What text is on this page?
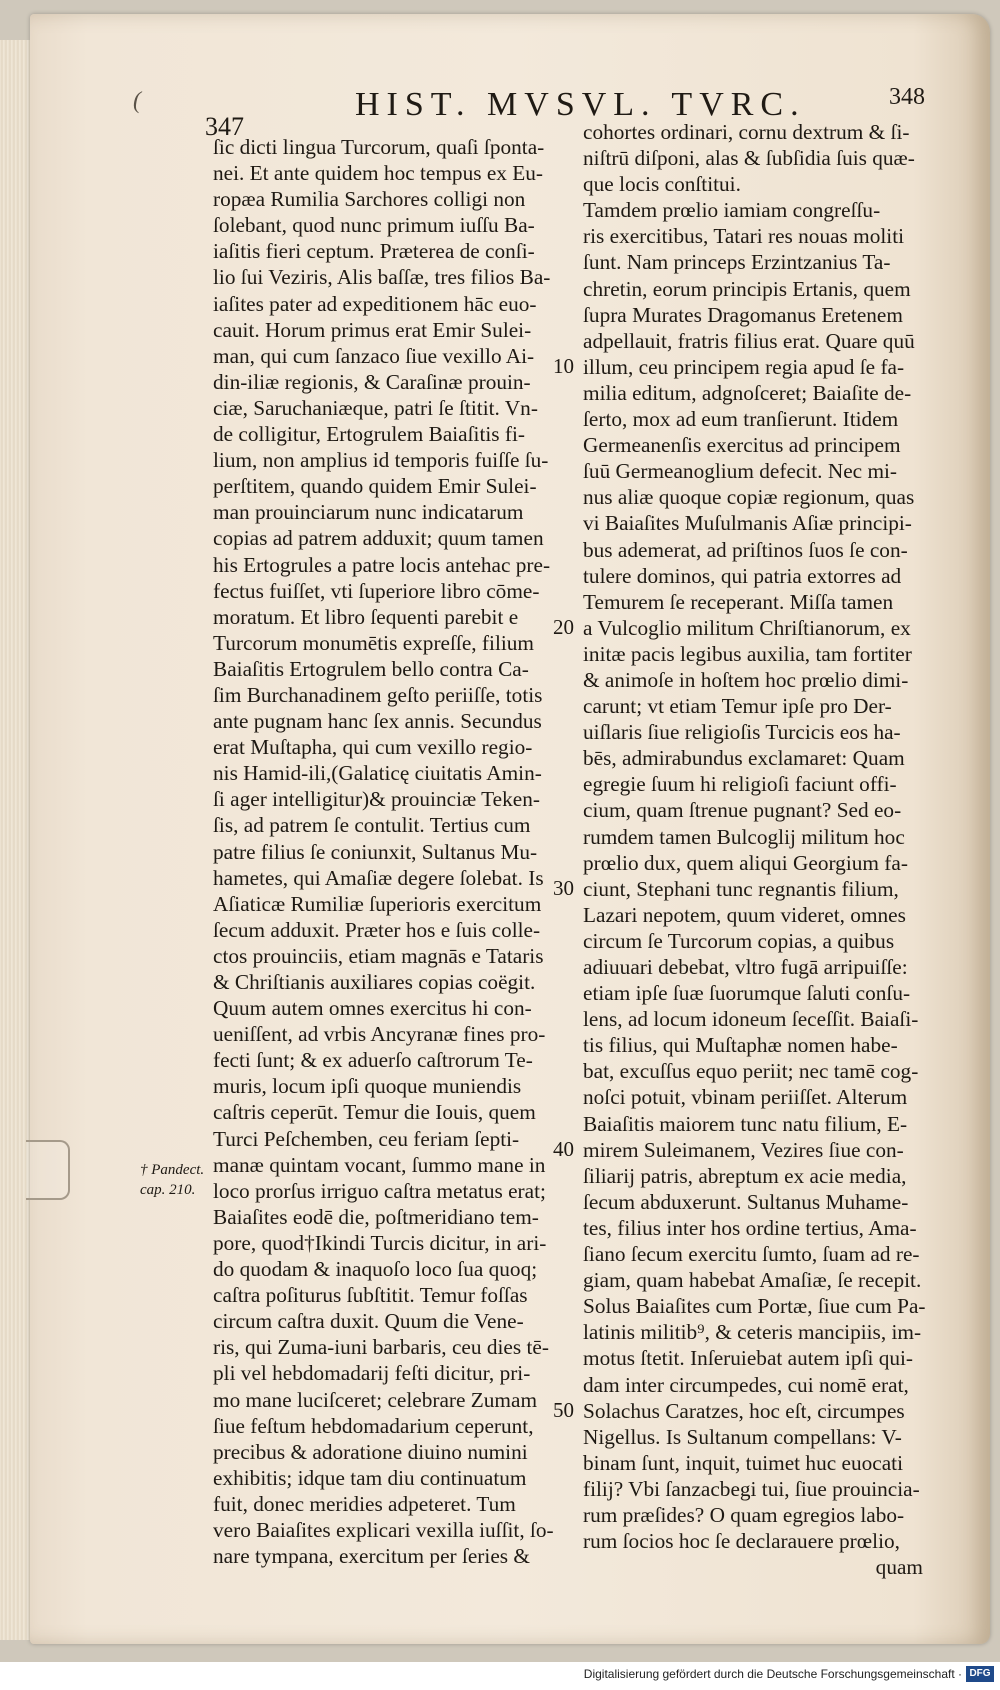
(
347
HIST. MVSVL. TVRC.	348
ſic dicti lingua Turcorum, quaſi ſponta-
nei. Et ante quidem hoc tempus ex Eu-
ropæa Rumilia Sarchores colligi non
ſolebant, quod nunc primum iuſſu Ba-
iaſitis fieri ceptum. Præterea de conſi-
lio ſui Veziris, Alis baſſæ, tres filios Ba-
iaſites pater ad expeditionem hāc euo-
cauit. Horum primus erat Emir Sulei-
man, qui cum ſanzaco ſiue vexillo Ai-
din-iliæ regionis, & Caraſinæ prouin-
ciæ, Saruchaniæque, patri ſe ſtitit. Vn-
de colligitur, Ertogrulem Baiaſitis fi-
lium, non amplius id temporis fuiſſe ſu-
perſtitem, quando quidem Emir Sulei-
man prouinciarum nunc indicatarum
copias ad patrem adduxit; quum tamen
his Ertogrules a patre locis antehac pre-
fectus fuiſſet, vti ſuperiore libro cōme-
moratum. Et libro ſequenti parebit e
Turcorum monumētis expreſſe, filium
Baiaſitis Ertogrulem bello contra Ca-
ſim Burchanadinem geſto periiſſe, totis
ante pugnam hanc ſex annis. Secundus
erat Muſtapha, qui cum vexillo regio-
nis Hamid-ili,(Galaticę ciuitatis Amin-
ſi ager intelligitur)& prouinciæ Teken-
ſis, ad patrem ſe contulit. Tertius cum
patre filius ſe coniunxit, Sultanus Mu-
hametes, qui Amaſiæ degere ſolebat. Is
Aſiaticæ Rumiliæ ſuperioris exercitum
ſecum adduxit. Præter hos e ſuis colle-
ctos prouinciis, etiam magnās e Tataris
& Chriſtianis auxiliares copias coëgit.
Quum autem omnes exercitus hi con-
ueniſſent, ad vrbis Ancyranæ fines pro-
fecti ſunt; & ex aduerſo caſtrorum Te-
muris, locum ipſi quoque muniendis
caſtris ceperūt. Temur die Iouis, quem
Turci Peſchemben, ceu feriam ſepti-
manæ quintam vocant, ſummo mane in
loco prorſus irriguo caſtra metatus erat;
Baiaſites eodē die, poſtmeridiano tem-
pore, quod†Ikindi Turcis dicitur, in ari-
do quodam & inaquoſo loco ſua quoq;
caſtra poſiturus ſubſtitit. Temur foſſas
circum caſtra duxit. Quum die Vene-
ris, qui Zuma-iuni barbaris, ceu dies tē-
pli vel hebdomadarij feſti dicitur, pri-
mo mane luciſceret; celebrare Zumam
ſiue feſtum hebdomadarium ceperunt,
precibus & adoratione diuino numini
exhibitis; idque tam diu continuatum
fuit, donec meridies adpeteret. Tum
vero Baiaſites explicari vexilla iuſſit, ſo-
nare tympana, exercitum per ſeries &
cohortes ordinari, cornu dextrum & ſi-
niſtrū diſponi, alas & ſubſidia ſuis quæ-
que locis conſtitui.
Tamdem prœlio iamiam congreſſu-
ris exercitibus, Tatari res nouas moliti
ſunt. Nam princeps Erzintzanius Ta-
chretin, eorum principis Ertanis, quem
ſupra Murates Dragomanus Eretenem
adpellauit, fratris filius erat. Quare quū
illum, ceu principem regia apud ſe fa-
milia editum, adgnoſceret; Baiaſite de-
ſerto, mox ad eum tranſierunt. Itidem
Germeanenſis exercitus ad principem
ſuū Germeanoglium defecit. Nec mi-
nus aliæ quoque copiæ regionum, quas
vi Baiaſites Muſulmanis Aſiæ principi-
bus ademerat, ad priſtinos ſuos ſe con-
tulere dominos, qui patria extorres ad
Temurem ſe receperant. Miſſa tamen
a Vulcoglio militum Chriſtianorum, ex
initæ pacis legibus auxilia, tam fortiter
& animoſe in hoſtem hoc prœlio dimi-
carunt; vt etiam Temur ipſe pro Der-
uiſlaris ſiue religioſis Turcicis eos ha-
bēs, admirabundus exclamaret: Quam
egregie ſuum hi religioſi faciunt offi-
cium, quam ſtrenue pugnant? Sed eo-
rumdem tamen Bulcoglij militum hoc
prœlio dux, quem aliqui Georgium fa-
ciunt, Stephani tunc regnantis filium,
Lazari nepotem, quum videret, omnes
circum ſe Turcorum copias, a quibus
adiuuari debebat, vltro fugā arripuiſſe:
etiam ipſe ſuæ ſuorumque ſaluti conſu-
lens, ad locum idoneum ſeceſſit. Baiaſi-
tis filius, qui Muſtaphæ nomen habe-
bat, excuſſus equo periit; nec tamē cog-
noſci potuit, vbinam periiſſet. Alterum
Baiaſitis maiorem tunc natu filium, E-
mirem Suleimanem, Vezires ſiue con-
ſiliarij patris, abreptum ex acie media,
ſecum abduxerunt. Sultanus Muhame-
tes, filius inter hos ordine tertius, Ama-
ſiano ſecum exercitu ſumto, ſuam ad re-
giam, quam habebat Amaſiæ, ſe recepit.
Solus Baiaſites cum Portæ, ſiue cum Pa-
latinis militib⁹, & ceteris mancipiis, im-
motus ſtetit. Inſeruiebat autem ipſi qui-
dam inter circumpedes, cui nomē erat,
Solachus Caratzes, hoc eſt, circumpes
Nigellus. Is Sultanum compellans: V-
binam ſunt, inquit, tuimet huc euocati
filij? Vbi ſanzacbegi tui, ſiue prouincia-
rum præſides? O quam egregios labo-
rum ſocios hoc ſe declarauere prœlio,
quam
10
20
30
40
50
† Pandect.
cap. 210.
Digitalisierung gefördert durch die Deutsche Forschungsgemeinschaft · DFG
